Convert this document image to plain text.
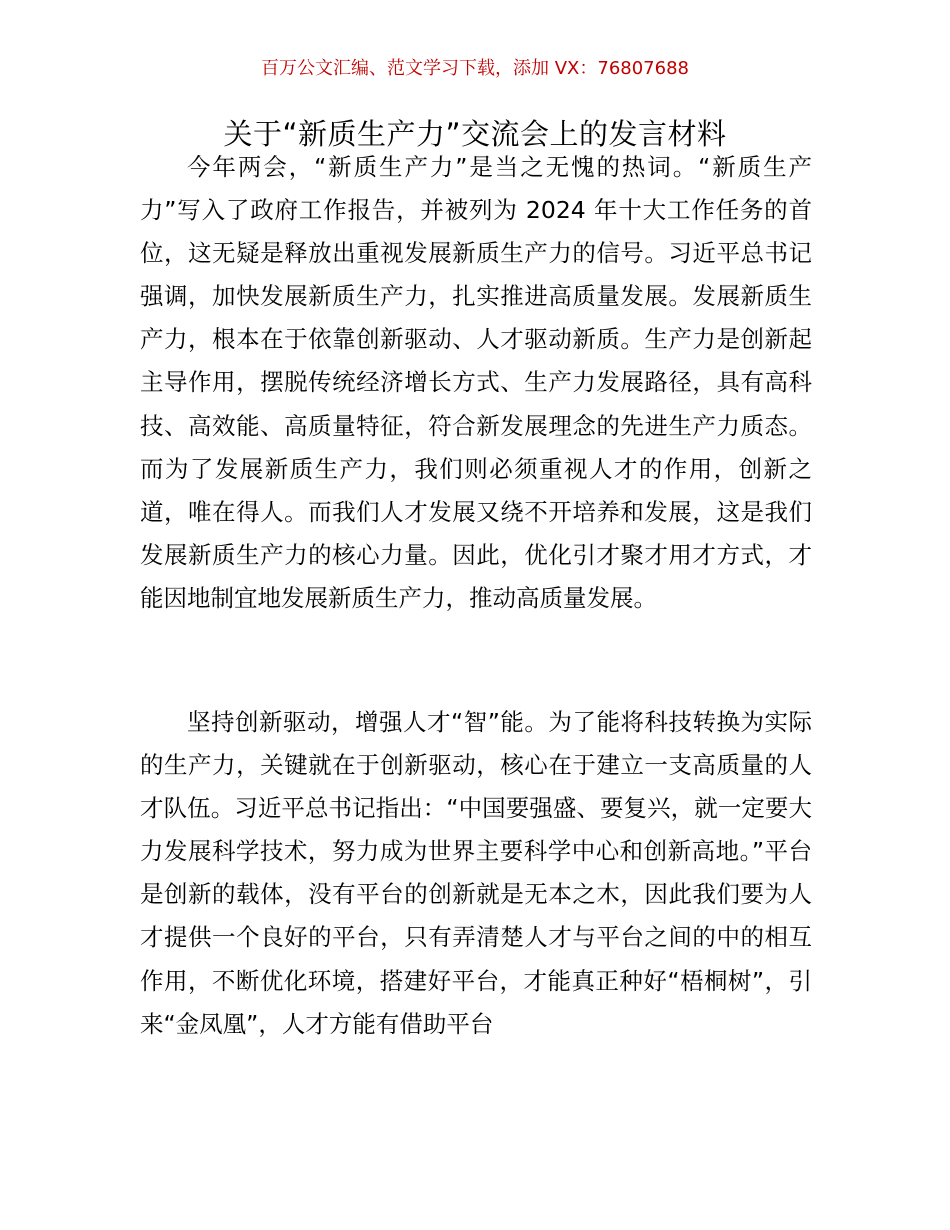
百万公文汇编、范文学习下载，添加 VX：76807688
关于“新质生产力”交流会上的发言材料

今年两会，“新质生产力”是当之无愧的热词。“新质生产力”写入了政府工作报告，并被列为 2024 年十大工作任务的首位，这无疑是释放出重视发展新质生产力的信号。习近平总书记强调，加快发展新质生产力，扎实推进高质量发展。发展新质生产力，根本在于依靠创新驱动、人才驱动新质。生产力是创新起主导作用，摆脱传统经济增长方式、生产力发展路径，具有高科技、高效能、高质量特征，符合新发展理念的先进生产力质态。而为了发展新质生产力，我们则必须重视人才的作用，创新之道，唯在得人。而我们人才发展又绕不开培养和发展，这是我们发展新质生产力的核心力量。因此，优化引才聚才用才方式，才能因地制宜地发展新质生产力，推动高质量发展。

坚持创新驱动，增强人才“智”能。为了能将科技转换为实际的生产力，关键就在于创新驱动，核心在于建立一支高质量的人才队伍。习近平总书记指出：“中国要强盛、要复兴，就一定要大力发展科学技术，努力成为世界主要科学中心和创新高地。”平台是创新的载体，没有平台的创新就是无本之木，因此我们要为人才提供一个良好的平台，只有弄清楚人才与平台之间的中的相互作用，不断优化环境，搭建好平台，才能真正种好“梧桐树”，引来“金凤凰”，人才方能有借助平台
